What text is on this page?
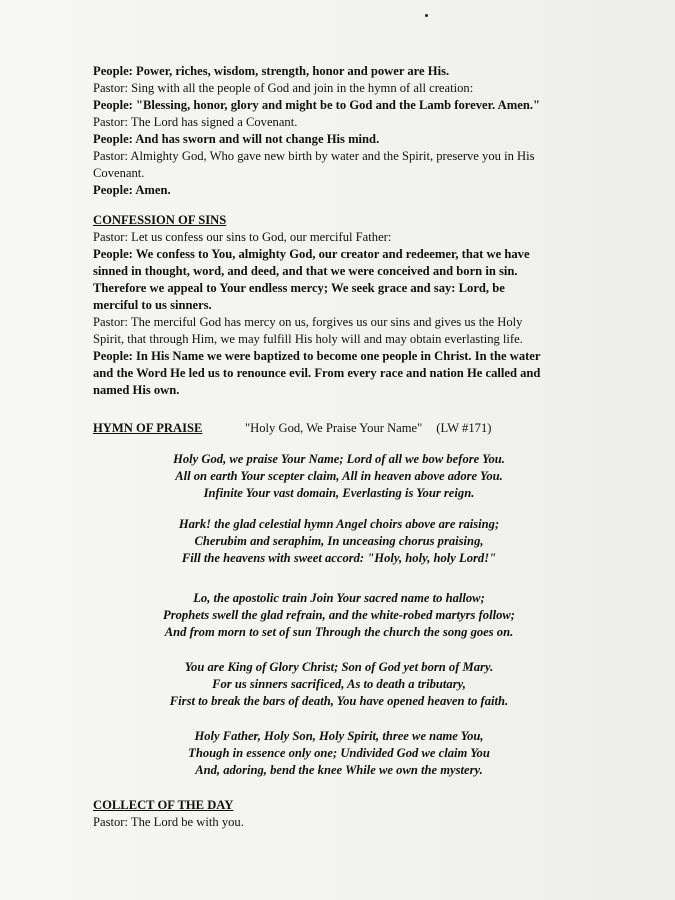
People: Power, riches, wisdom, strength, honor and power are His.

Pastor: Sing with all the people of God and join in the hymn of all creation:

People: "Blessing, honor, glory and might be to God and the Lamb forever. Amen."

Pastor: The Lord has signed a Covenant.

People: And has sworn and will not change His mind.

Pastor: Almighty God, Who gave new birth by water and the Spirit, preserve you in His

Covenant.

People: Amen.

CONFESSION OF SINS

Pastor: Let us confess our sins to God, our merciful Father:

People: We confess to You, almighty God, our creator and redeemer, that we have

sinned in thought, word, and deed, and that we were conceived and born in sin.

Therefore we appeal to Your endless mercy; We seek grace and say: Lord, be

merciful to us sinners.

Pastor: The merciful God has mercy on us, forgives us our sins and gives us the Holy

Spirit, that through Him, we may fulfill His holy will and may obtain everlasting life.

People: In His Name we were baptized to become one people in Christ. In the water

and the Word He led us to renounce evil. From every race and nation He called and

named His own.

HYMN OF PRAISE	"Holy God, We Praise Your Name" (LW #171)
Holy God, we praise Your Name; Lord of all we bow before You.
All on earth Your scepter claim, All in heaven above adore You.
Infinite Your vast domain, Everlasting is Your reign.
Hark! the glad celestial hymn Angel choirs above are raising;
Cherubim and seraphim, In unceasing chorus praising,
Fill the heavens with sweet accord: "Holy, holy, holy Lord!"
Lo, the apostolic train Join Your sacred name to hallow;
Prophets swell the glad refrain, and the white-robed martyrs follow;
And from morn to set of sun Through the church the song goes on.
You are King of Glory Christ; Son of God yet born of Mary.
For us sinners sacrificed, As to death a tributary,
First to break the bars of death, You have opened heaven to faith.
Holy Father, Holy Son, Holy Spirit, three we name You,
Though in essence only one; Undivided God we claim You
And, adoring, bend the knee While we own the mystery.
COLLECT OF THE DAY

Pastor: The Lord be with you.
